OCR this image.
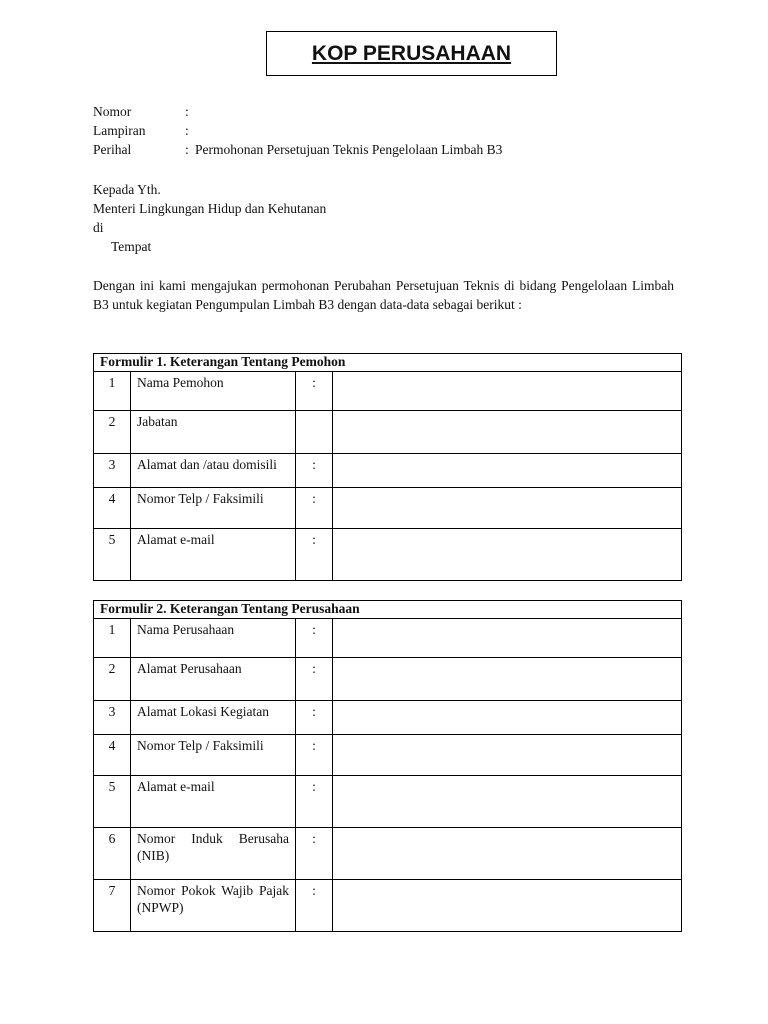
KOP PERUSAHAAN
Nomor	:
Lampiran	:
Perihal	: Permohonan Persetujuan Teknis Pengelolaan Limbah B3
Kepada Yth.
Menteri Lingkungan Hidup dan Kehutanan
di
Tempat
Dengan ini kami mengajukan permohonan Perubahan Persetujuan Teknis di bidang Pengelolaan Limbah B3 untuk kegiatan Pengumpulan Limbah B3 dengan data-data sebagai berikut :
Formulir 1. Keterangan Tentang Pemohon			
1	Nama Pemohon	:	
2	Jabatan		
3	Alamat dan /atau domisili	:	
4	Nomor Telp / Faksimili	:	
5	Alamat e-mail	:	
Formulir 2. Keterangan Tentang Perusahaan			
1	Nama Perusahaan	:	
2	Alamat Perusahaan	:	
3	Alamat Lokasi Kegiatan	:	
4	Nomor Telp / Faksimili	:	
5	Alamat e-mail	:	
6	Nomor Induk Berusaha (NIB)	:	
7	Nomor Pokok Wajib Pajak (NPWP)	:	
